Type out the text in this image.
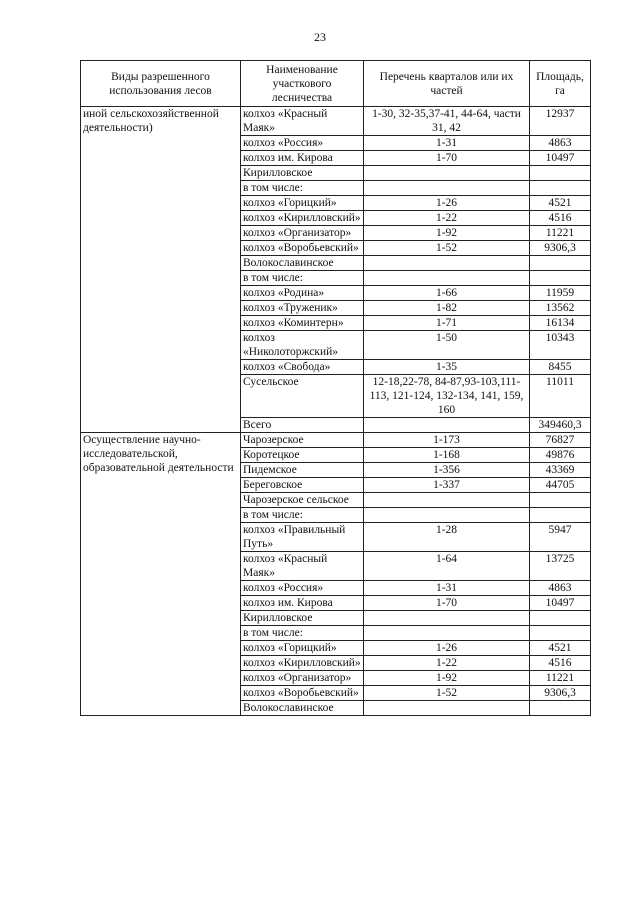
23
Виды разрешенного использования лесов	Наименование участкового лесничества	Перечень кварталов или их частей	Площадь, га
иной сельскохозяйственной деятельности)	колхоз «Красный Маяк»	1-30, 32-35,37-41, 44-64, части 31, 42	12937
	колхоз «Россия»	1-31	4863
	колхоз им. Кирова	1-70	10497
	Кирилловское		
	в том числе:		
	колхоз «Горицкий»	1-26	4521
	колхоз «Кирилловский»	1-22	4516
	колхоз «Организатор»	1-92	11221
	колхоз «Воробьевский»	1-52	9306,3
	Волокославинское		
	в том числе:		
	колхоз «Родина»	1-66	11959
	колхоз «Труженик»	1-82	13562
	колхоз «Коминтерн»	1-71	16134
	колхоз «Николоторжский»	1-50	10343
	колхоз «Свобода»	1-35	8455
	Сусельское	12-18,22-78, 84-87,93-103,111-113, 121-124, 132-134, 141, 159, 160	11011
	Всего		349460,3
Осуществление научно-исследовательской, образовательной деятельности	Чарозерское	1-173	76827
	Коротецкое	1-168	49876
	Пидемское	1-356	43369
	Береговское	1-337	44705
	Чарозерское сельское		
	в том числе:		
	колхоз «Правильный Путь»	1-28	5947
	колхоз «Красный Маяк»	1-64	13725
	колхоз «Россия»	1-31	4863
	колхоз им. Кирова	1-70	10497
	Кирилловское		
	в том числе:		
	колхоз «Горицкий»	1-26	4521
	колхоз «Кирилловский»	1-22	4516
	колхоз «Организатор»	1-92	11221
	колхоз «Воробьевский»	1-52	9306,3
	Волокославинское		
